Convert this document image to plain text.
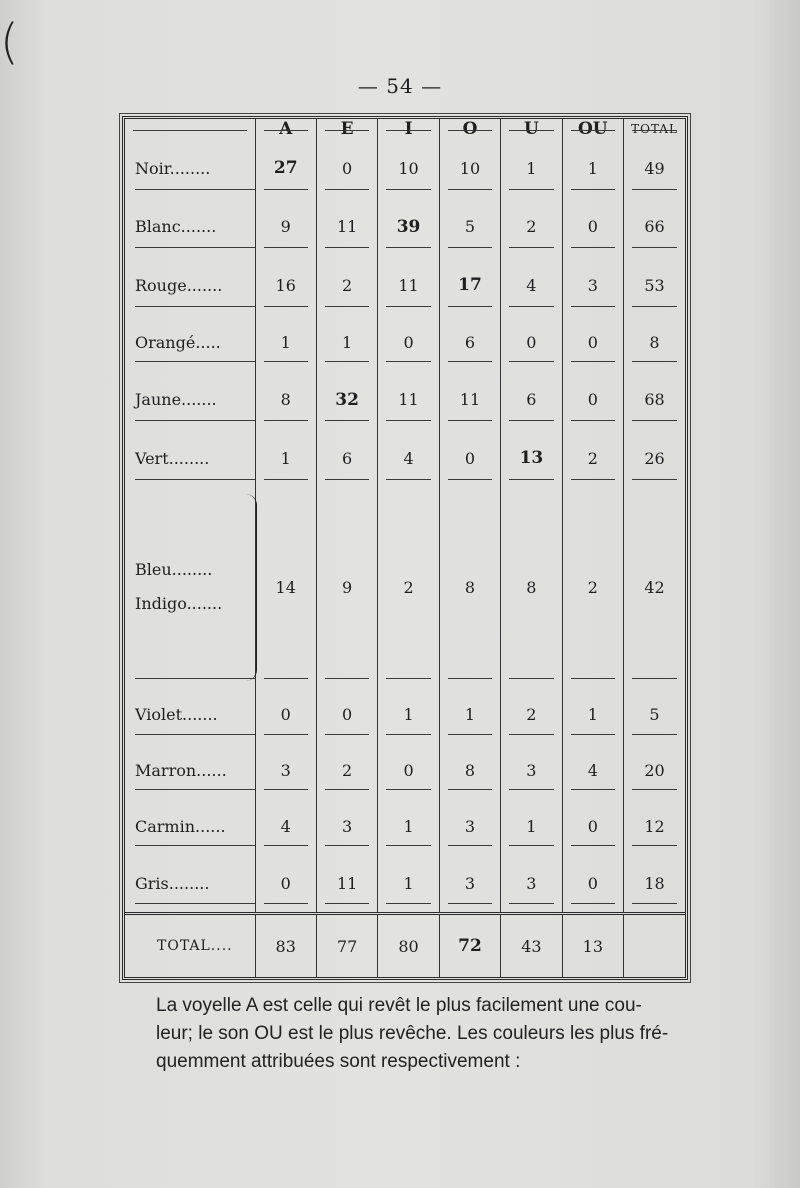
(
— 54 —
	A	E	I	O	U	OU	TOTAL
Noir........	27	0	10	10	1	1	49
Blanc.......	9	11	39	5	2	0	66
Rouge.......	16	2	11	17	4	3	53
Orangé.....	1	1	0	6	0	0	8
Jaune.......	8	32	11	11	6	0	68
Vert........	1	6	4	0	13	2	26

Bleu........
Indigo.......	14	9	2	8	8	2	42
Violet.......	0	0	1	1	2	1	5
Marron......	3	2	0	8	3	4	20
Carmin......	4	3	1	3	1	0	12
Gris........	0	11	1	3	3	0	18
TOTAL....	83	77	80	72	43	13	

La voyelle A est celle qui revêt le plus facilement une cou-

leur; le son OU est le plus revêche. Les couleurs les plus fré-

quemment attribuées sont respectivement :
